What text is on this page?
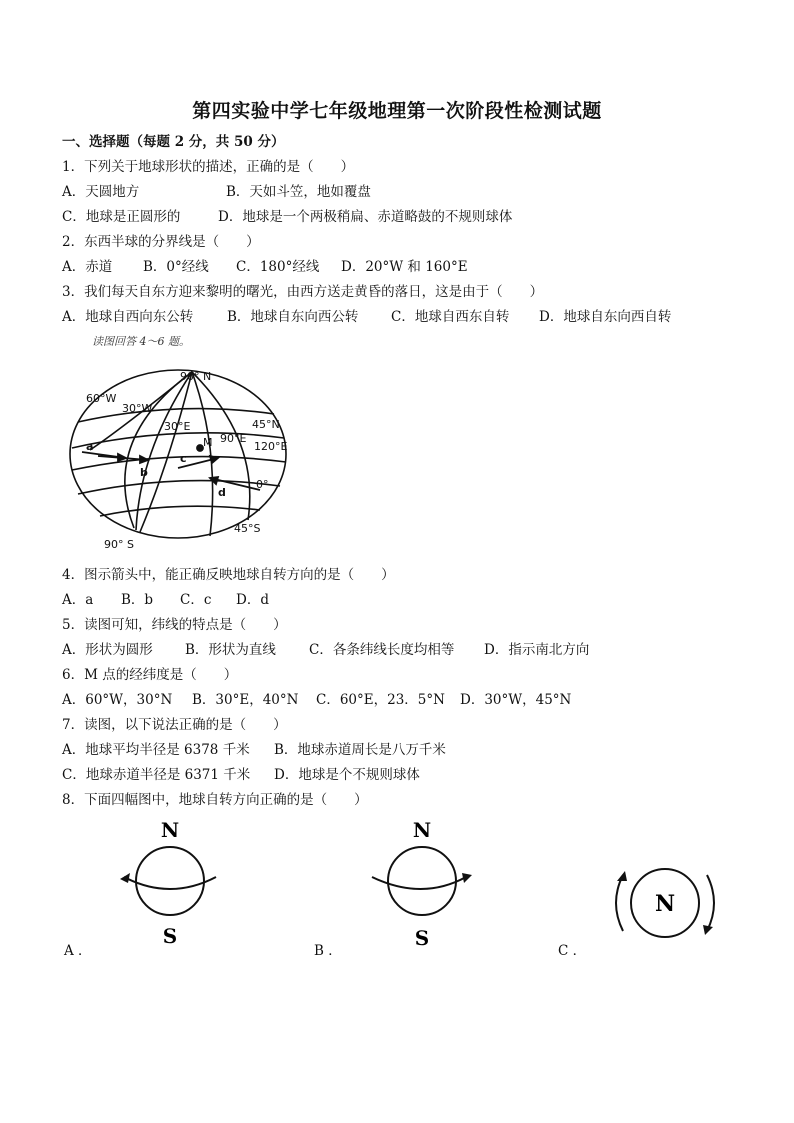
第四实验中学七年级地理第一次阶段性检测试题
一、选择题（每题 2 分，共 50 分）
1．下列关于地球形状的描述，正确的是（　　）
A．天圆地方	B．天如斗笠，地如覆盘
C．地球是正圆形的	D．地球是一个两极稍扁、赤道略鼓的不规则球体
2．东西半球的分界线是（　　）
A．赤道 B．0°经线 C．180°经线 D．20°W 和 160°E
3．我们每天自东方迎来黎明的曙光，由西方送走黄昏的落日，这是由于（　　）
A．地球自西向东公转	B．地球自东向西公转 C．地球自西东自转 D．地球自东向西自转
读图回答 4～6 题。
90° N
60°W
30°W
30°E
90°E
45°N
120°E
0°
45°S
90° S
M
a
b
c
d
4．图示箭头中，能正确反映地球自转方向的是（　　）
A．a B．b C．c D．d
5．读图可知，纬线的特点是（　　）
A．形状为圆形 B．形状为直线 C．各条纬线长度均相等 D．指示南北方向
6．M 点的经纬度是（　　）
A．60°W，30°N B．30°E，40°N C．60°E，23．5°N D．30°W，45°N
7．读图，以下说法正确的是（　　）
A．地球平均半径是 6378 千米 B．地球赤道周长是八万千米
C．地球赤道半径是 6371 千米 D．地球是个不规则球体
8．下面四幅图中，地球自转方向正确的是（　　）
N
S
A ．
N
S
B ．
N
C ．
